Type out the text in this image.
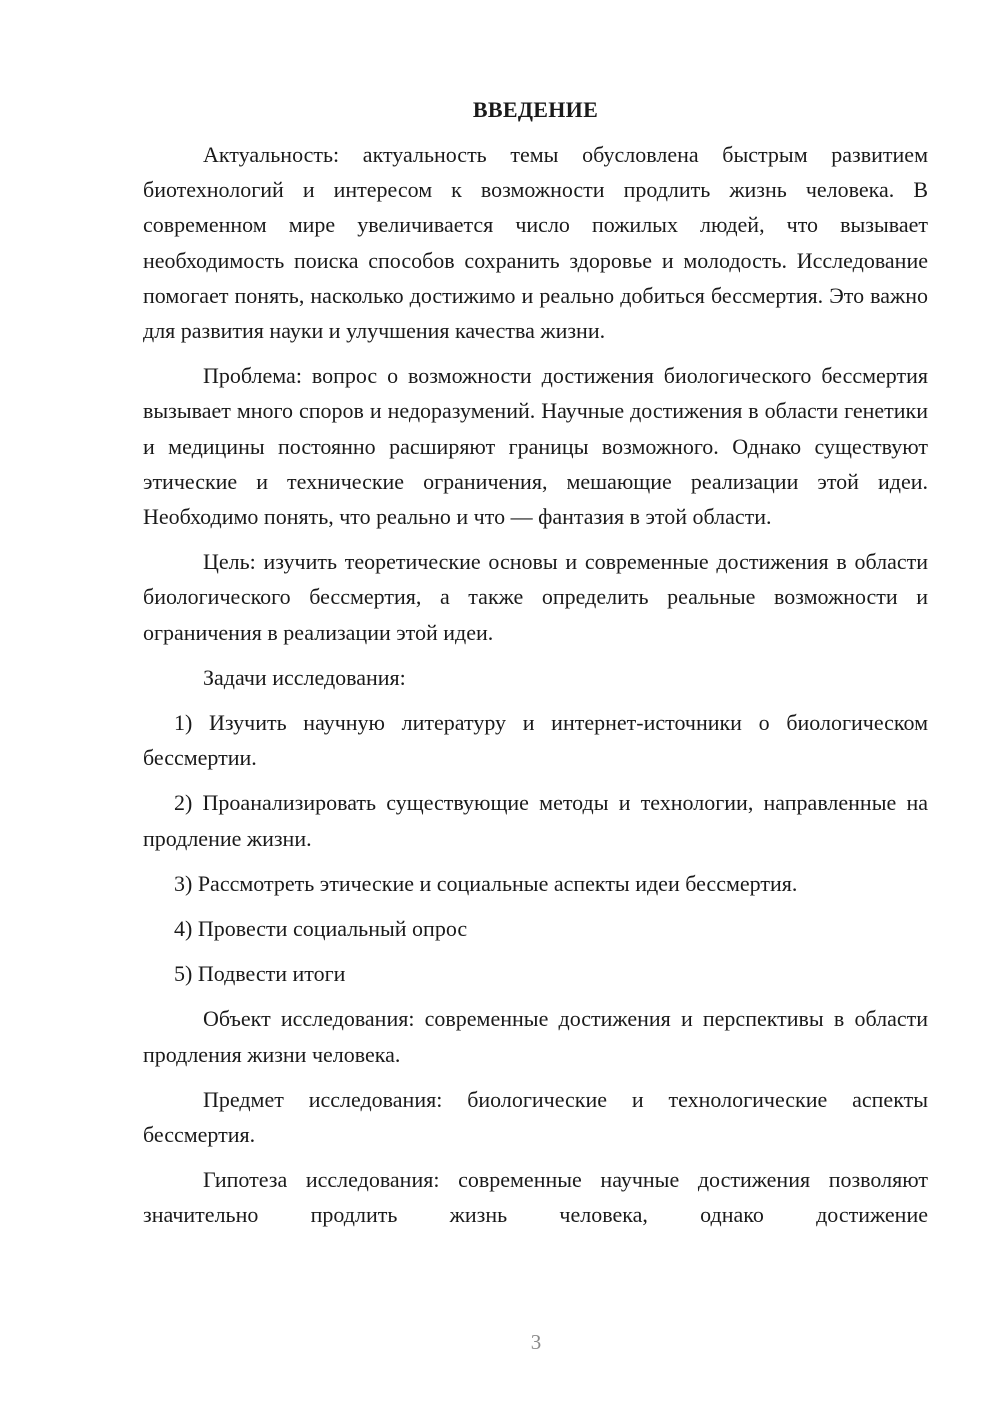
ВВЕДЕНИЕ

Актуальность: актуальность темы обусловлена быстрым развитием биотехнологий и интересом к возможности продлить жизнь человека. В современном мире увеличивается число пожилых людей, что вызывает необходимость поиска способов сохранить здоровье и молодость. Исследование помогает понять, насколько достижимо и реально добиться бессмертия. Это важно для развития науки и улучшения качества жизни.

Проблема: вопрос о возможности достижения биологического бессмертия вызывает много споров и недоразумений. Научные достижения в области генетики и медицины постоянно расширяют границы возможного. Однако существуют этические и технические ограничения, мешающие реализации этой идеи. Необходимо понять, что реально и что — фантазия в этой области.

Цель: изучить теоретические основы и современные достижения в области биологического бессмертия, а также определить реальные возможности и ограничения в реализации этой идеи.

Задачи исследования:

1) Изучить научную литературу и интернет-источники о биологическом бессмертии.

2) Проанализировать существующие методы и технологии, направленные на продление жизни.

3) Рассмотреть этические и социальные аспекты идеи бессмертия.

4) Провести социальный опрос

5) Подвести итоги

Объект исследования: современные достижения и перспективы в области продления жизни человека.

Предмет исследования: биологические и технологические аспекты бессмертия.

Гипотеза исследования: современные научные достижения позволяют значительно продлить жизнь человека, однако достижение

3
